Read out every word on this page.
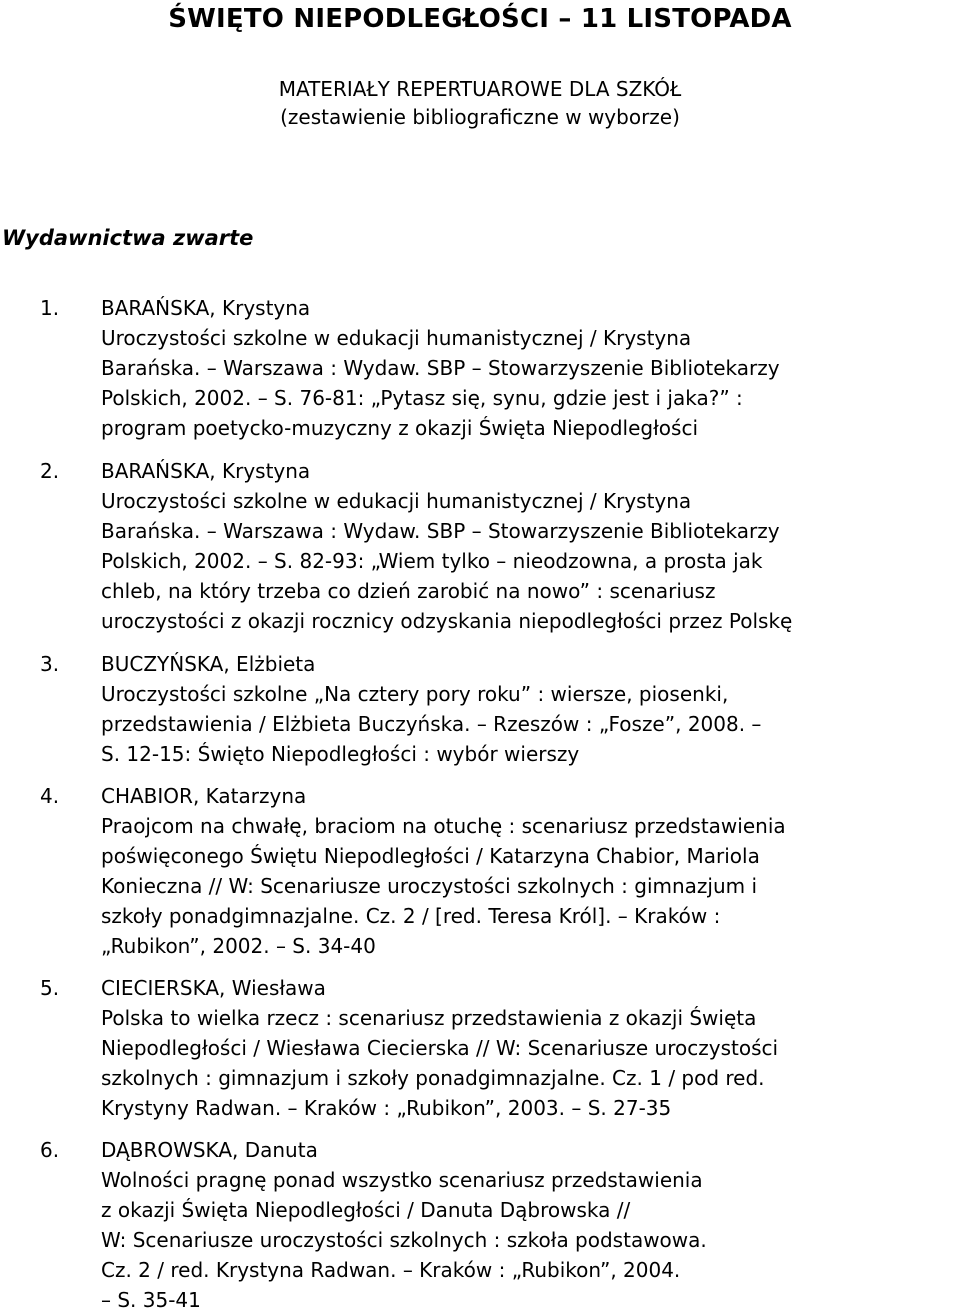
ŚWIĘTO NIEPODLEGŁOŚCI – 11 LISTOPADA
MATERIAŁY REPERTUAROWE DLA SZKÓŁ
(zestawienie bibliograficzne w wyborze)
Wydawnictwa zwarte
1. BARAŃSKA, Krystyna
Uroczystości szkolne w edukacji humanistycznej / Krystyna
Barańska. – Warszawa : Wydaw. SBP – Stowarzyszenie Bibliotekarzy
Polskich, 2002. – S. 76-81: „Pytasz się, synu, gdzie jest i jaka?” :
program poetycko-muzyczny z okazji Święta Niepodległości
2. BARAŃSKA, Krystyna
Uroczystości szkolne w edukacji humanistycznej / Krystyna
Barańska. – Warszawa : Wydaw. SBP – Stowarzyszenie Bibliotekarzy
Polskich, 2002. – S. 82-93: „Wiem tylko – nieodzowna, a prosta jak
chleb, na który trzeba co dzień zarobić na nowo” : scenariusz
uroczystości z okazji rocznicy odzyskania niepodległości przez Polskę
3. BUCZYŃSKA, Elżbieta
Uroczystości szkolne „Na cztery pory roku” : wiersze, piosenki,
przedstawienia / Elżbieta Buczyńska. – Rzeszów : „Fosze”, 2008. –
S. 12-15: Święto Niepodległości : wybór wierszy
4. CHABIOR, Katarzyna
Praojcom na chwałę, braciom na otuchę : scenariusz przedstawienia
poświęconego Świętu Niepodległości / Katarzyna Chabior, Mariola
Konieczna // W: Scenariusze uroczystości szkolnych : gimnazjum i
szkoły ponadgimnazjalne. Cz. 2 / [red. Teresa Król]. – Kraków :
„Rubikon”, 2002. – S. 34-40
5. CIECIERSKA, Wiesława
Polska to wielka rzecz : scenariusz przedstawienia z okazji Święta
Niepodległości / Wiesława Ciecierska // W: Scenariusze uroczystości
szkolnych : gimnazjum i szkoły ponadgimnazjalne. Cz. 1 / pod red.
Krystyny Radwan. – Kraków : „Rubikon”, 2003. – S. 27-35
6. DĄBROWSKA, Danuta
Wolności pragnę ponad wszystko scenariusz przedstawienia
z okazji Święta Niepodległości / Danuta Dąbrowska //
W: Scenariusze uroczystości szkolnych : szkoła podstawowa.
Cz. 2 / red. Krystyna Radwan. – Kraków : „Rubikon”, 2004.
– S. 35-41
